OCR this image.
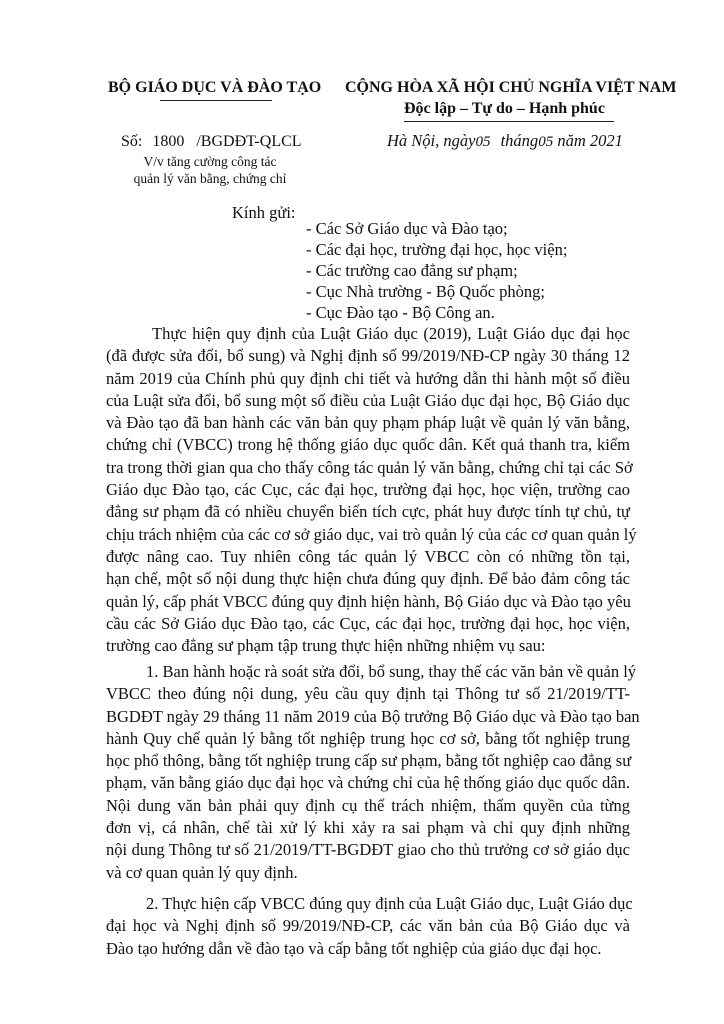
BỘ GIÁO DỤC VÀ ĐÀO TẠO CỘNG HÒA XÃ HỘI CHỦ NGHĨA VIỆT NAM
Độc lập – Tự do – Hạnh phúc
Số: 1800 /BGDĐT-QLCL
V/v tăng cường công tác
quản lý văn bằng, chứng chỉ
Hà Nội, ngày05 tháng05 năm 2021
Kính gửi:
- Các Sở Giáo dục và Đào tạo;
- Các đại học, trường đại học, học viện;
- Các trường cao đẳng sư phạm;
- Cục Nhà trường - Bộ Quốc phòng;
- Cục Đào tạo - Bộ Công an.
Thực hiện quy định của Luật Giáo dục (2019), Luật Giáo dục đại học
(đã được sửa đổi, bổ sung) và Nghị định số 99/2019/NĐ-CP ngày 30 tháng 12
năm 2019 của Chính phủ quy định chi tiết và hướng dẫn thi hành một số điều
của Luật sửa đổi, bổ sung một số điều của Luật Giáo dục đại học, Bộ Giáo dục
và Đào tạo đã ban hành các văn bản quy phạm pháp luật về quản lý văn bằng,
chứng chỉ (VBCC) trong hệ thống giáo dục quốc dân. Kết quả thanh tra, kiểm
tra trong thời gian qua cho thấy công tác quản lý văn bằng, chứng chỉ tại các Sở
Giáo dục Đào tạo, các Cục, các đại học, trường đại học, học viện, trường cao
đẳng sư phạm đã có nhiều chuyển biến tích cực, phát huy được tính tự chủ, tự
chịu trách nhiệm của các cơ sở giáo dục, vai trò quản lý của các cơ quan quản lý
được nâng cao. Tuy nhiên công tác quản lý VBCC còn có những tồn tại,
hạn chế, một số nội dung thực hiện chưa đúng quy định. Để bảo đảm công tác
quản lý, cấp phát VBCC đúng quy định hiện hành, Bộ Giáo dục và Đào tạo yêu
cầu các Sở Giáo dục Đào tạo, các Cục, các đại học, trường đại học, học viện,
trường cao đẳng sư phạm tập trung thực hiện những nhiệm vụ sau:
1. Ban hành hoặc rà soát sửa đổi, bổ sung, thay thế các văn bản về quản lý
VBCC theo đúng nội dung, yêu cầu quy định tại Thông tư số 21/2019/TT-
BGDĐT ngày 29 tháng 11 năm 2019 của Bộ trưởng Bộ Giáo dục và Đào tạo ban
hành Quy chế quản lý bằng tốt nghiệp trung học cơ sở, bằng tốt nghiệp trung
học phổ thông, bằng tốt nghiệp trung cấp sư phạm, bằng tốt nghiệp cao đẳng sư
phạm, văn bằng giáo dục đại học và chứng chỉ của hệ thống giáo dục quốc dân.
Nội dung văn bản phải quy định cụ thể trách nhiệm, thẩm quyền của từng
đơn vị, cá nhân, chế tài xử lý khi xảy ra sai phạm và chỉ quy định những
nội dung Thông tư số 21/2019/TT-BGDĐT giao cho thủ trưởng cơ sở giáo dục
và cơ quan quản lý quy định.
2. Thực hiện cấp VBCC đúng quy định của Luật Giáo dục, Luật Giáo dục
đại học và Nghị định số 99/2019/NĐ-CP, các văn bản của Bộ Giáo dục và
Đào tạo hướng dẫn về đào tạo và cấp bằng tốt nghiệp của giáo dục đại học.
